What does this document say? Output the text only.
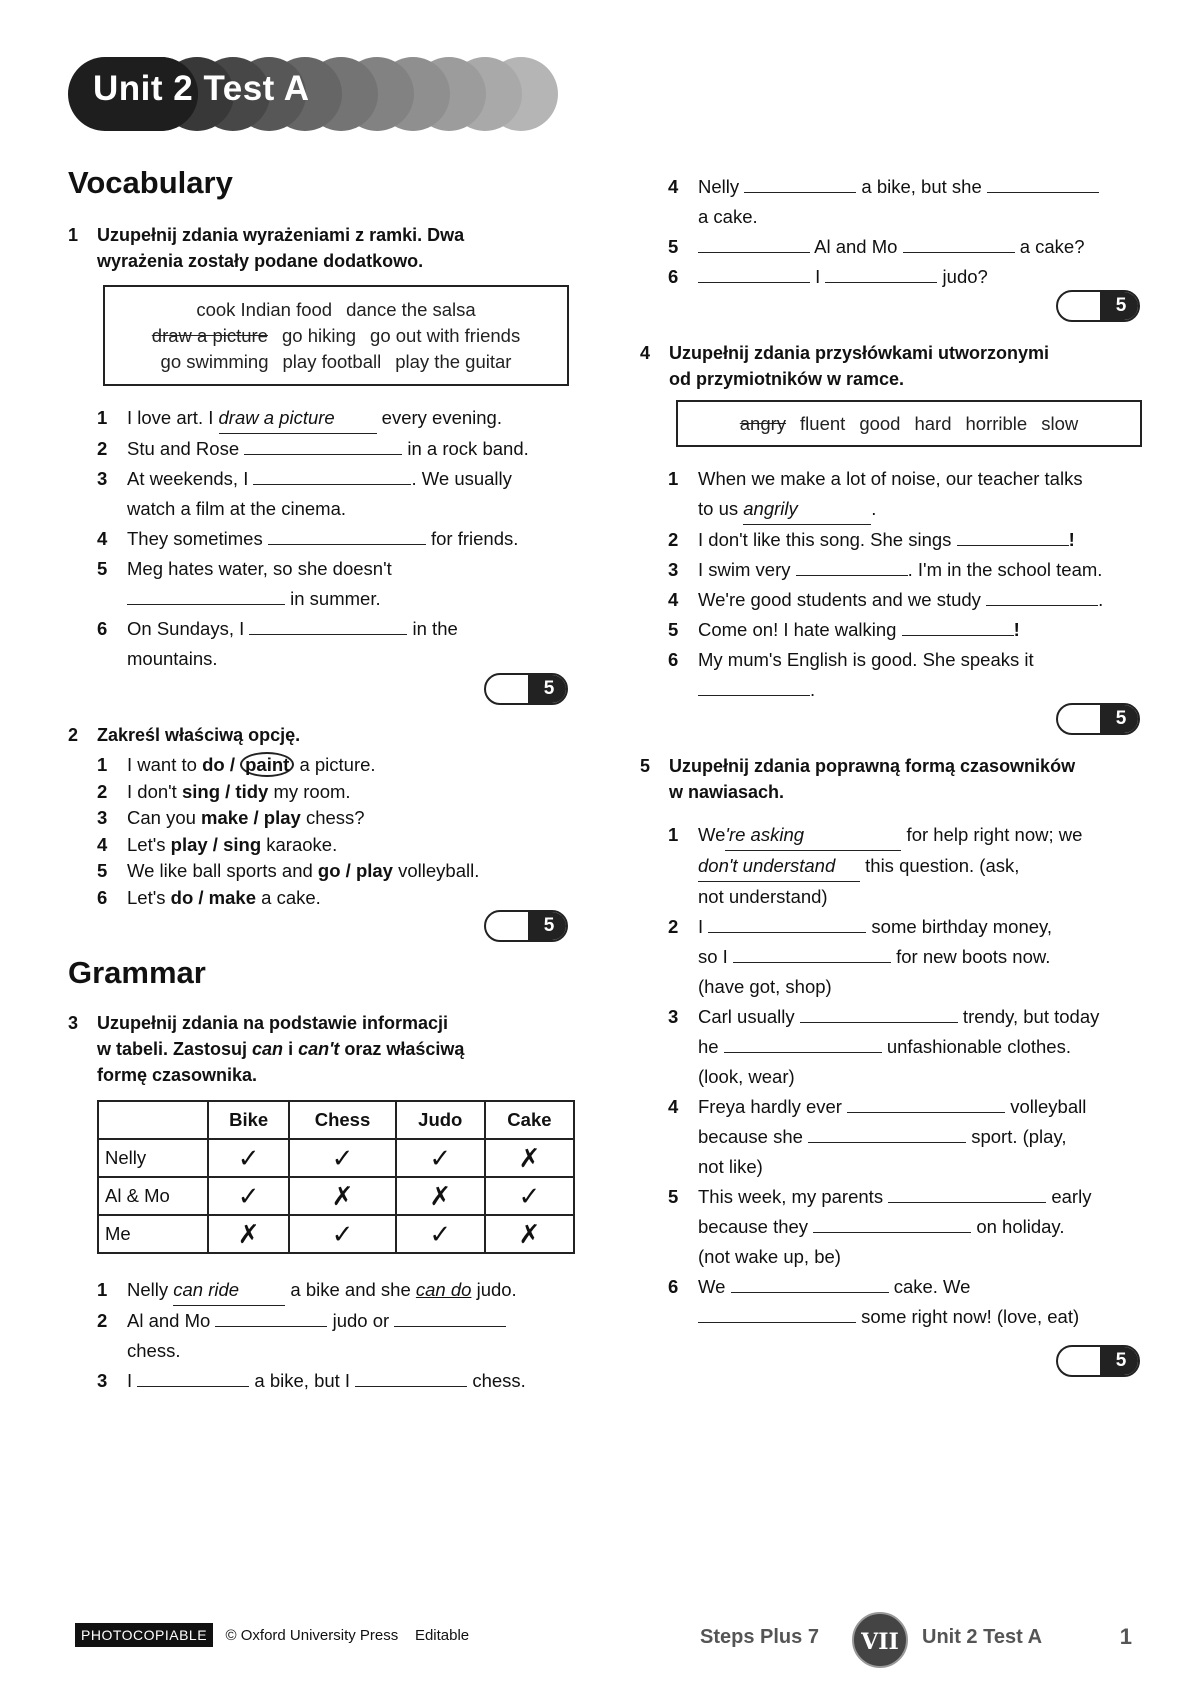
Unit 2 Test A
Vocabulary
1 Uzupełnij zdania wyrażeniami z ramki. Dwa
wyrażenia zostały podane dodatkowo.
cook Indian food dance the salsa
draw a picture go hiking go out with friends
go swimming play football play the guitar
1 I love art. I draw a picture every evening.
2 Stu and Rose	in a rock band.
3 At weekends, I	. We usually
watch a film at the cinema.
4 They sometimes	for friends.
5 Meg hates water, so she doesn't
in summer.
6 On Sundays, I	in the
mountains.
5
2 Zakreśl właściwą opcję.
1 I want to do / paint a picture.
2 I don't sing / tidy my room.
3 Can you make / play chess?
4 Let's play / sing karaoke.
5 We like ball sports and go / play volleyball.
6 Let's do / make a cake.
5
Grammar
3 Uzupełnij zdania na podstawie informacji
w tabeli. Zastosuj can i can't oraz właściwą
formę czasownika.
	Bike	Chess	Judo	Cake
Nelly	✓	✓	✓	✗
Al & Mo	✓	✗	✗	✓
Me	✗	✓	✓	✗
1 Nelly can ride a bike and she can do judo.
2 Al and Mo	judo or
chess.
3 I	a bike, but I	chess.
4 Nelly	a bike, but she
a cake.
5	Al and Mo	a cake?
6	I	judo?
5
4 Uzupełnij zdania przysłówkami utworzonymi
od przymiotników w ramce.
angry fluent good hard horrible slow
1 When we make a lot of noise, our teacher talks
to us angrily	.
2 I don't like this song. She sings	!
3 I swim very	. I'm in the school team.
4 We're good students and we study	.
5 Come on! I hate walking	!
6 My mum's English is good. She speaks it
.
5
5 Uzupełnij zdania poprawną formą czasowników
w nawiasach.
1 We're asking	for help right now; we
don't understand this question. (ask,
not understand)
2 I	some birthday money,
so I	for new boots now.
(have got, shop)
3 Carl usually	trendy, but today
he	unfashionable clothes.
(look, wear)
4 Freya hardly ever	volleyball
because she	sport. (play,
not like)
5 This week, my parents	early
because they	on holiday.
(not wake up, be)
6 We	cake. We
some right now! (love, eat)
5
PHOTOCOPIABLE © Oxford University Press    Editable	Steps Plus 7	VII	Unit 2 Test A	1
